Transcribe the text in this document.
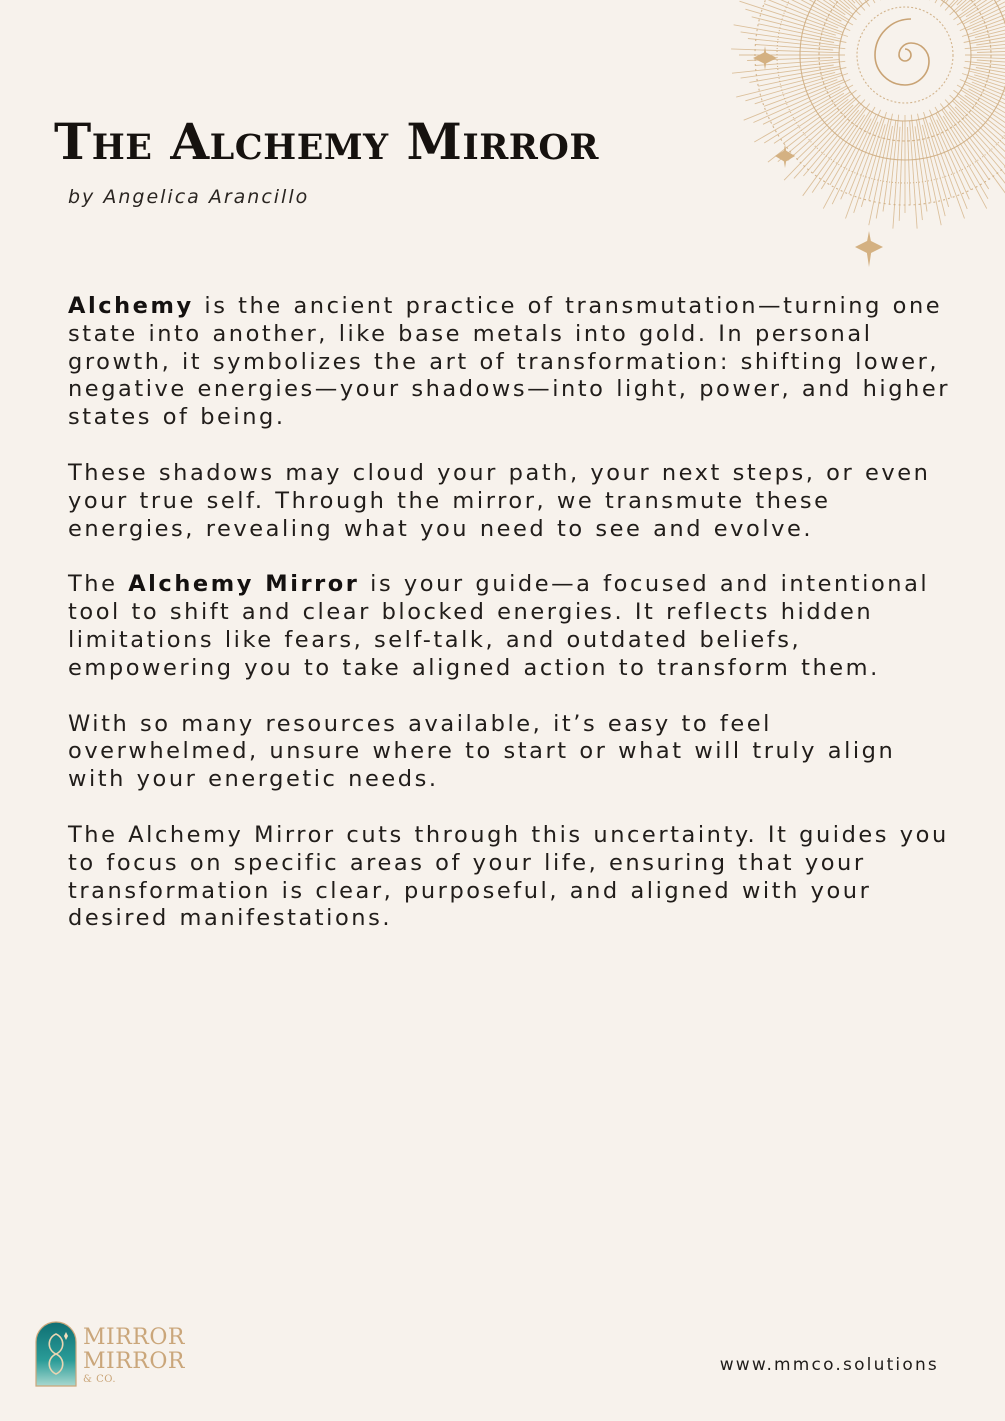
The Alchemy Mirror

by Angelica Arancillo

Alchemy is the ancient practice of transmutation—turning one state into another, like base metals into gold. In personal growth, it symbolizes the art of transformation: shifting lower, negative energies—your shadows—into light, power, and higher states of being.

These shadows may cloud your path, your next steps, or even your true self. Through the mirror, we transmute these energies, revealing what you need to see and evolve.

The Alchemy Mirror is your guide—a focused and intentional tool to shift and clear blocked energies. It reflects hidden limitations like fears, self-talk, and outdated beliefs, empowering you to take aligned action to transform them.

With so many resources available, it’s easy to feel overwhelmed, unsure where to start or what will truly align with your energetic needs.

The Alchemy Mirror cuts through this uncertainty. It guides you to focus on specific areas of your life, ensuring that your transformation is clear, purposeful, and aligned with your desired manifestations.

MIRROR
MIRROR
& CO.
www.mmco.solutions
